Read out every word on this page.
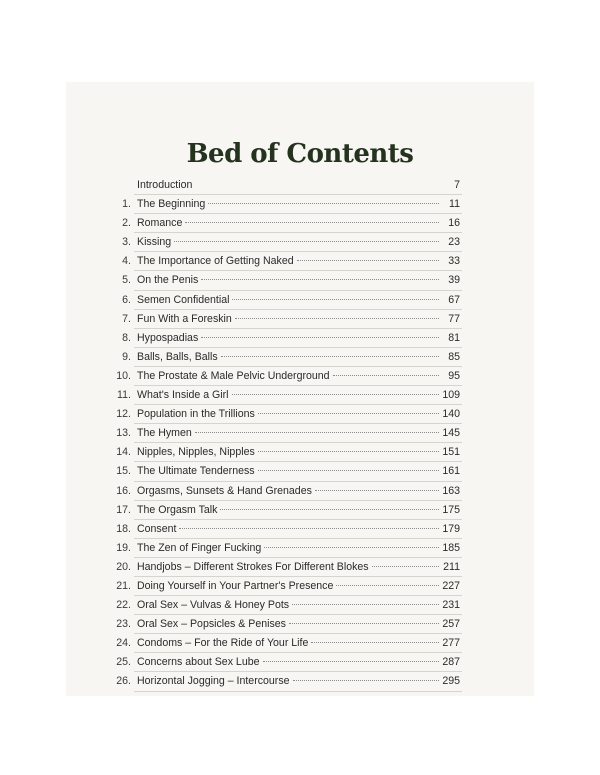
Bed of Contents
Introduction	7
1. The Beginning	11
2. Romance	16
3. Kissing	23
4. The Importance of Getting Naked	33
5. On the Penis	39
6. Semen Confidential	67
7. Fun With a Foreskin	77
8. Hypospadias	81
9. Balls, Balls, Balls	85
10. The Prostate & Male Pelvic Underground	95
11. What's Inside a Girl	109
12. Population in the Trillions	140
13. The Hymen	145
14. Nipples, Nipples, Nipples	151
15. The Ultimate Tenderness	161
16. Orgasms, Sunsets & Hand Grenades	163
17. The Orgasm Talk	175
18. Consent	179
19. The Zen of Finger Fucking	185
20. Handjobs – Different Strokes For Different Blokes	211
21. Doing Yourself in Your Partner's Presence	227
22. Oral Sex – Vulvas & Honey Pots	231
23. Oral Sex – Popsicles & Penises	257
24. Condoms – For the Ride of Your Life	277
25. Concerns about Sex Lube	287
26. Horizontal Jogging – Intercourse	295
